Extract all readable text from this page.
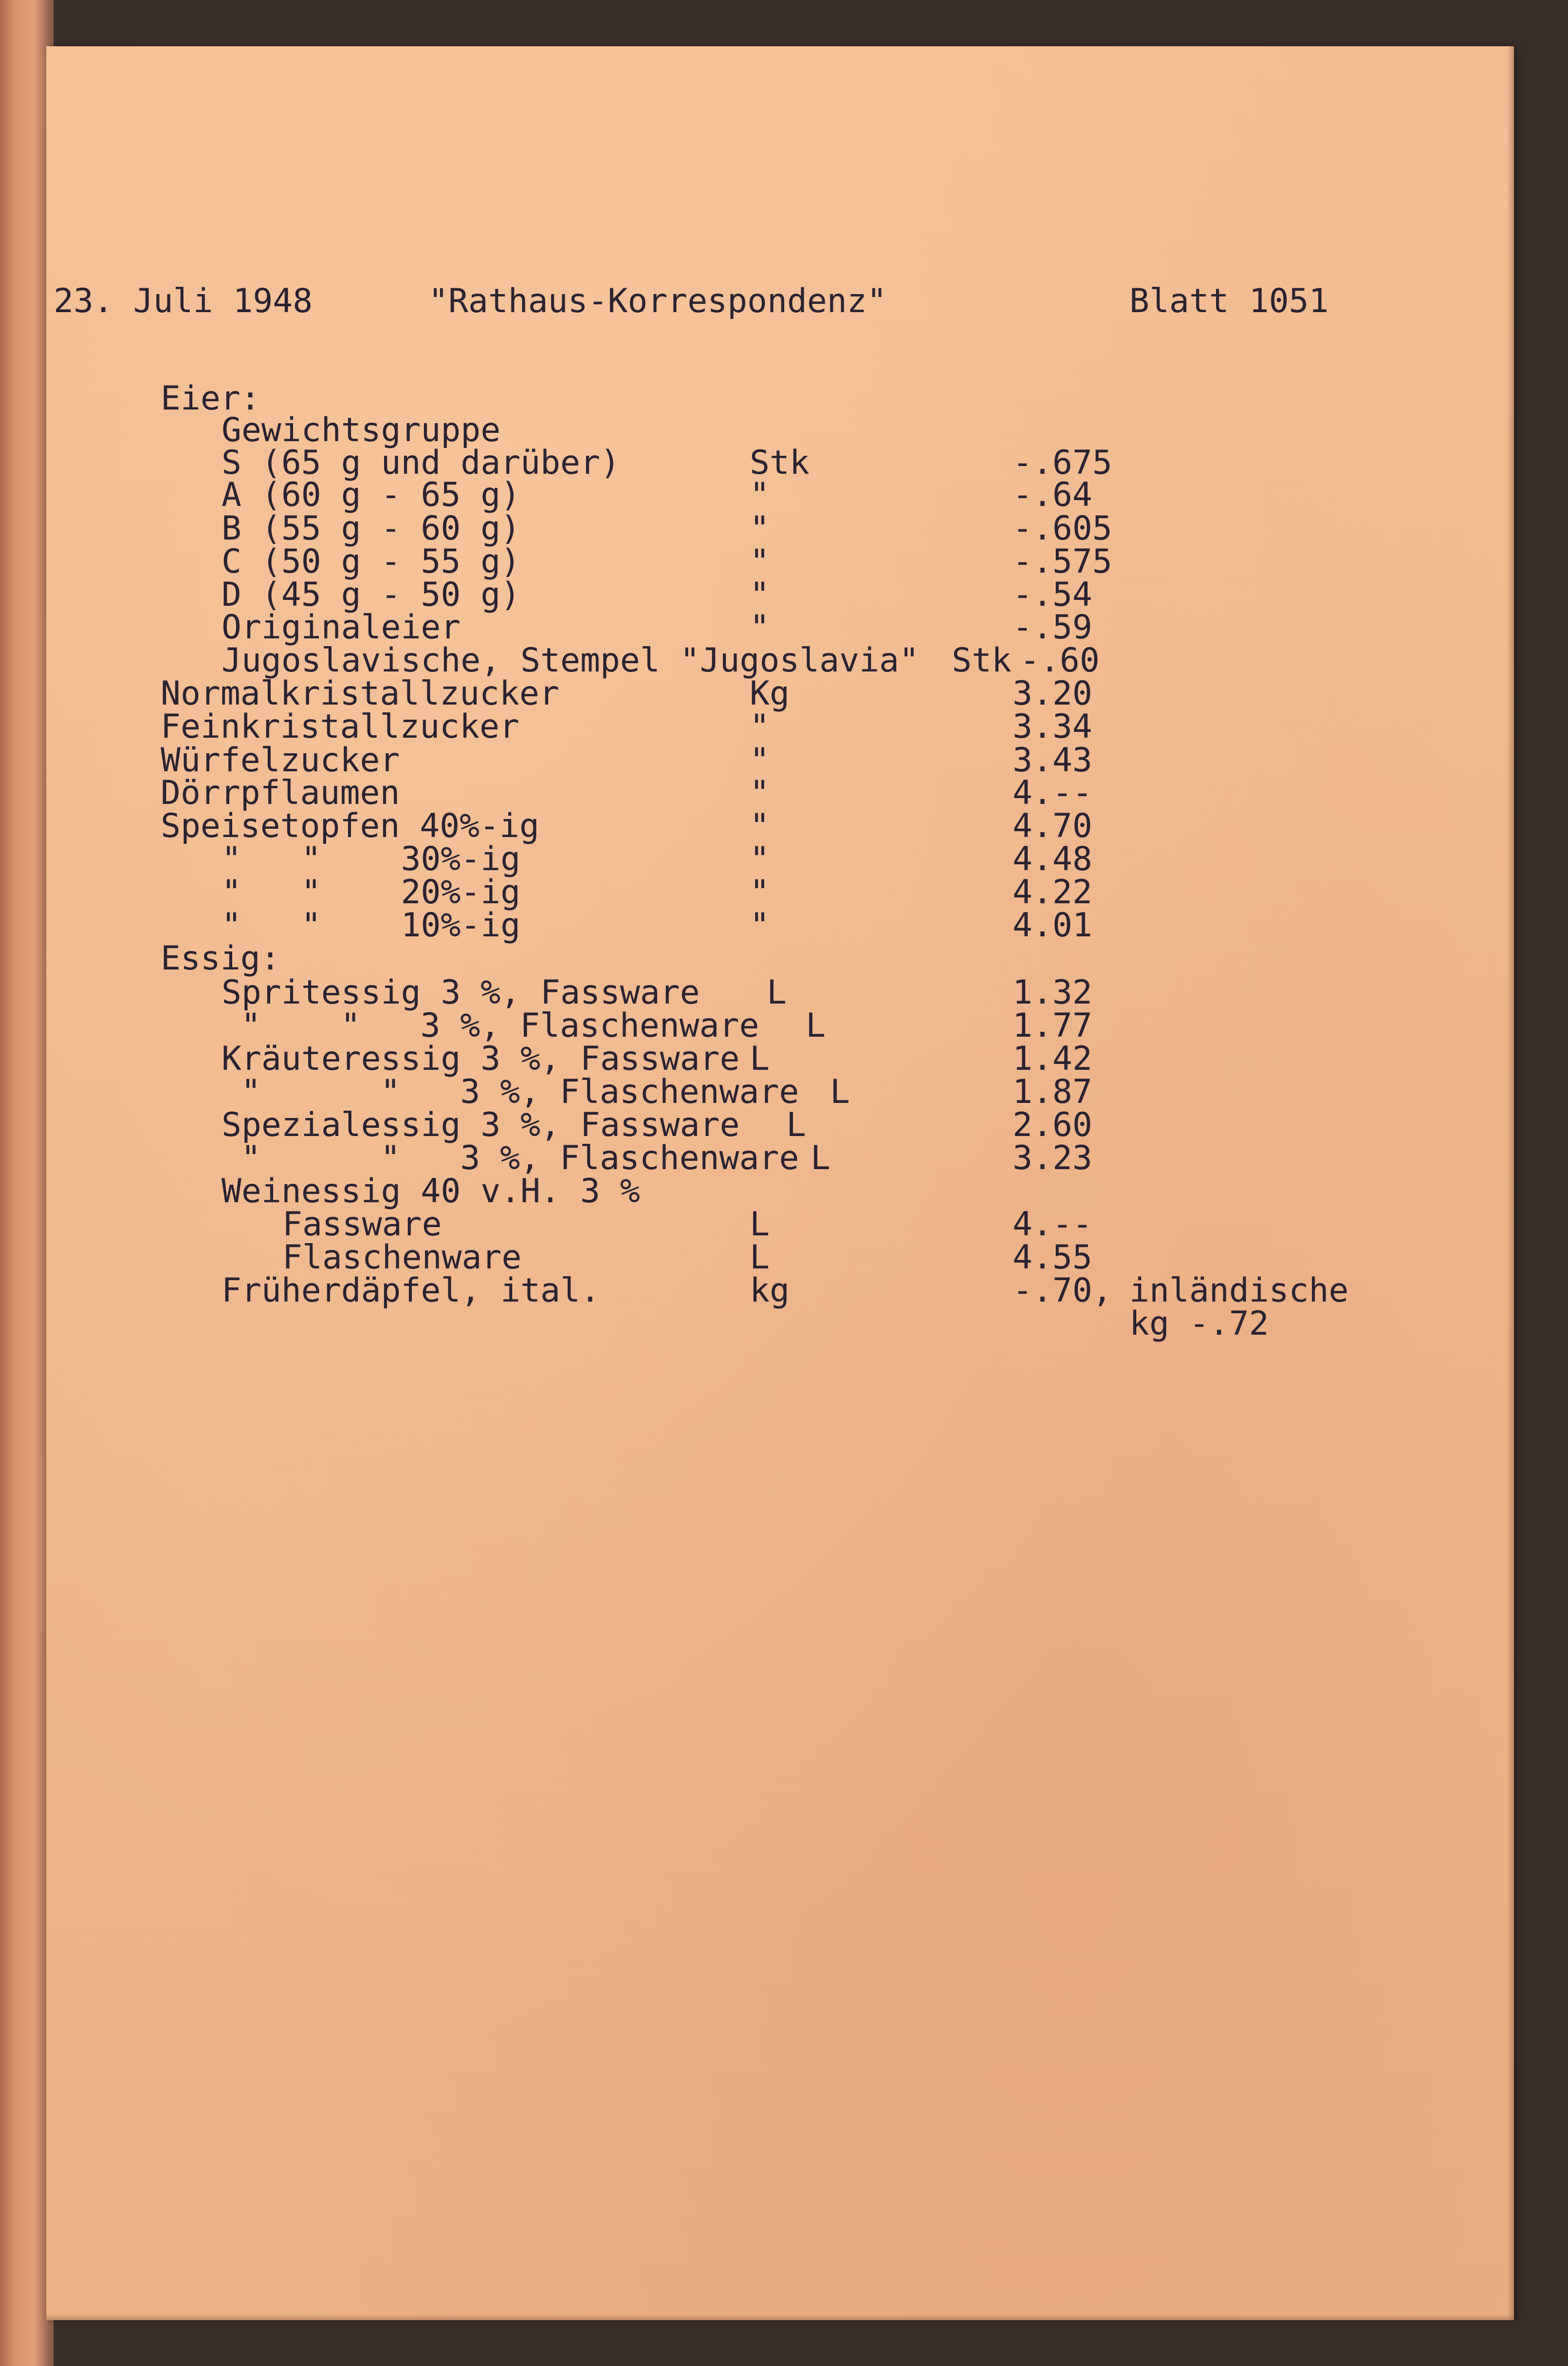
23. Juli 1948	"Rathaus-Korrespondenz"	Blatt 1051
Eier:
Gewichtsgruppe
S (65 g und darüber)	Stk	-.675
A (60 g - 65 g)	"	-.64
B (55 g - 60 g)	"	-.605
C (50 g - 55 g)	"	-.575
D (45 g - 50 g)	"	-.54
Originaleier	"	-.59
Jugoslavische, Stempel "Jugoslavia" Stk -.60
Normalkristallzucker	Kg	3.20
Feinkristallzucker	"	3.34
Würfelzucker	"	3.43
Dörrpflaumen	"	4.--
Speisetopfen 40%-ig	"	4.70
"   "    30%-ig	"	4.48
"   "    20%-ig	"	4.22
"   "    10%-ig	"	4.01
Essig:
Spritessig 3 %, Fassware L	1.32
"    "   3 %, Flaschenware L	1.77
Kräuteressig 3 %, Fassware L	1.42
"      "   3 %, Flaschenware L	1.87
Spezialessig 3 %, Fassware L	2.60
"      "   3 %, Flaschenware L	3.23
Weinessig 40 v.H. 3 %
Fassware	L	4.--
Flaschenware	L	4.55
Früherdäpfel, ital.	kg	-.70, inländische
kg -.72
